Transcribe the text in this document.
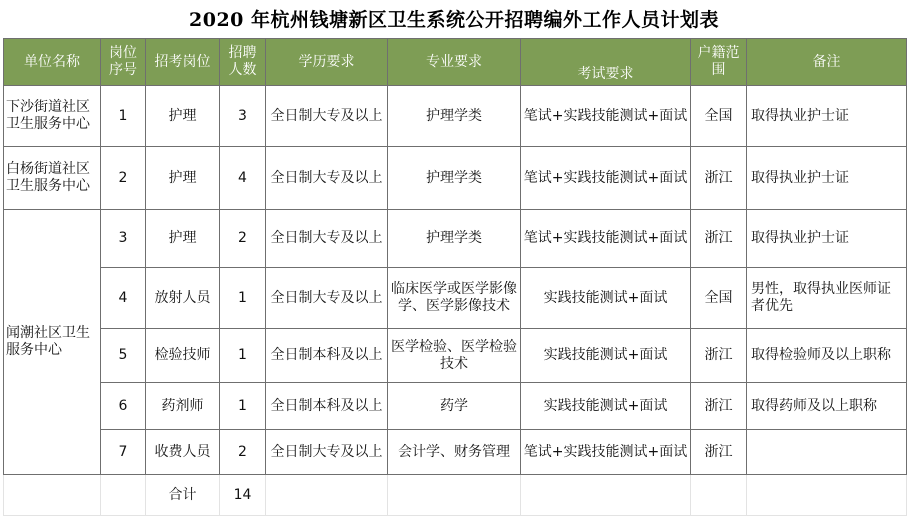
2020 年杭州钱塘新区卫生系统公开招聘编外工作人员计划表
单位名称	岗位序号	招考岗位	招聘人数	学历要求	专业要求	考试要求	户籍范围	备注
下沙街道社区卫生服务中心	1	护理	3	全日制大专及以上	护理学类	笔试+实践技能测试+面试	全国	取得执业护士证
白杨街道社区卫生服务中心	2	护理	4	全日制大专及以上	护理学类	笔试+实践技能测试+面试	浙江	取得执业护士证
闻潮社区卫生服务中心	3	护理	2	全日制大专及以上	护理学类	笔试+实践技能测试+面试	浙江	取得执业护士证
	4	放射人员	1	全日制大专及以上	临床医学或医学影像学、医学影像技术	实践技能测试+面试	全国	男性，取得执业医师证者优先
	5	检验技师	1	全日制本科及以上	医学检验、医学检验技术	实践技能测试+面试	浙江	取得检验师及以上职称
	6	药剂师	1	全日制本科及以上	药学	实践技能测试+面试	浙江	取得药师及以上职称
	7	收费人员	2	全日制大专及以上	会计学、财务管理	笔试+实践技能测试+面试	浙江	
		合计	14					
